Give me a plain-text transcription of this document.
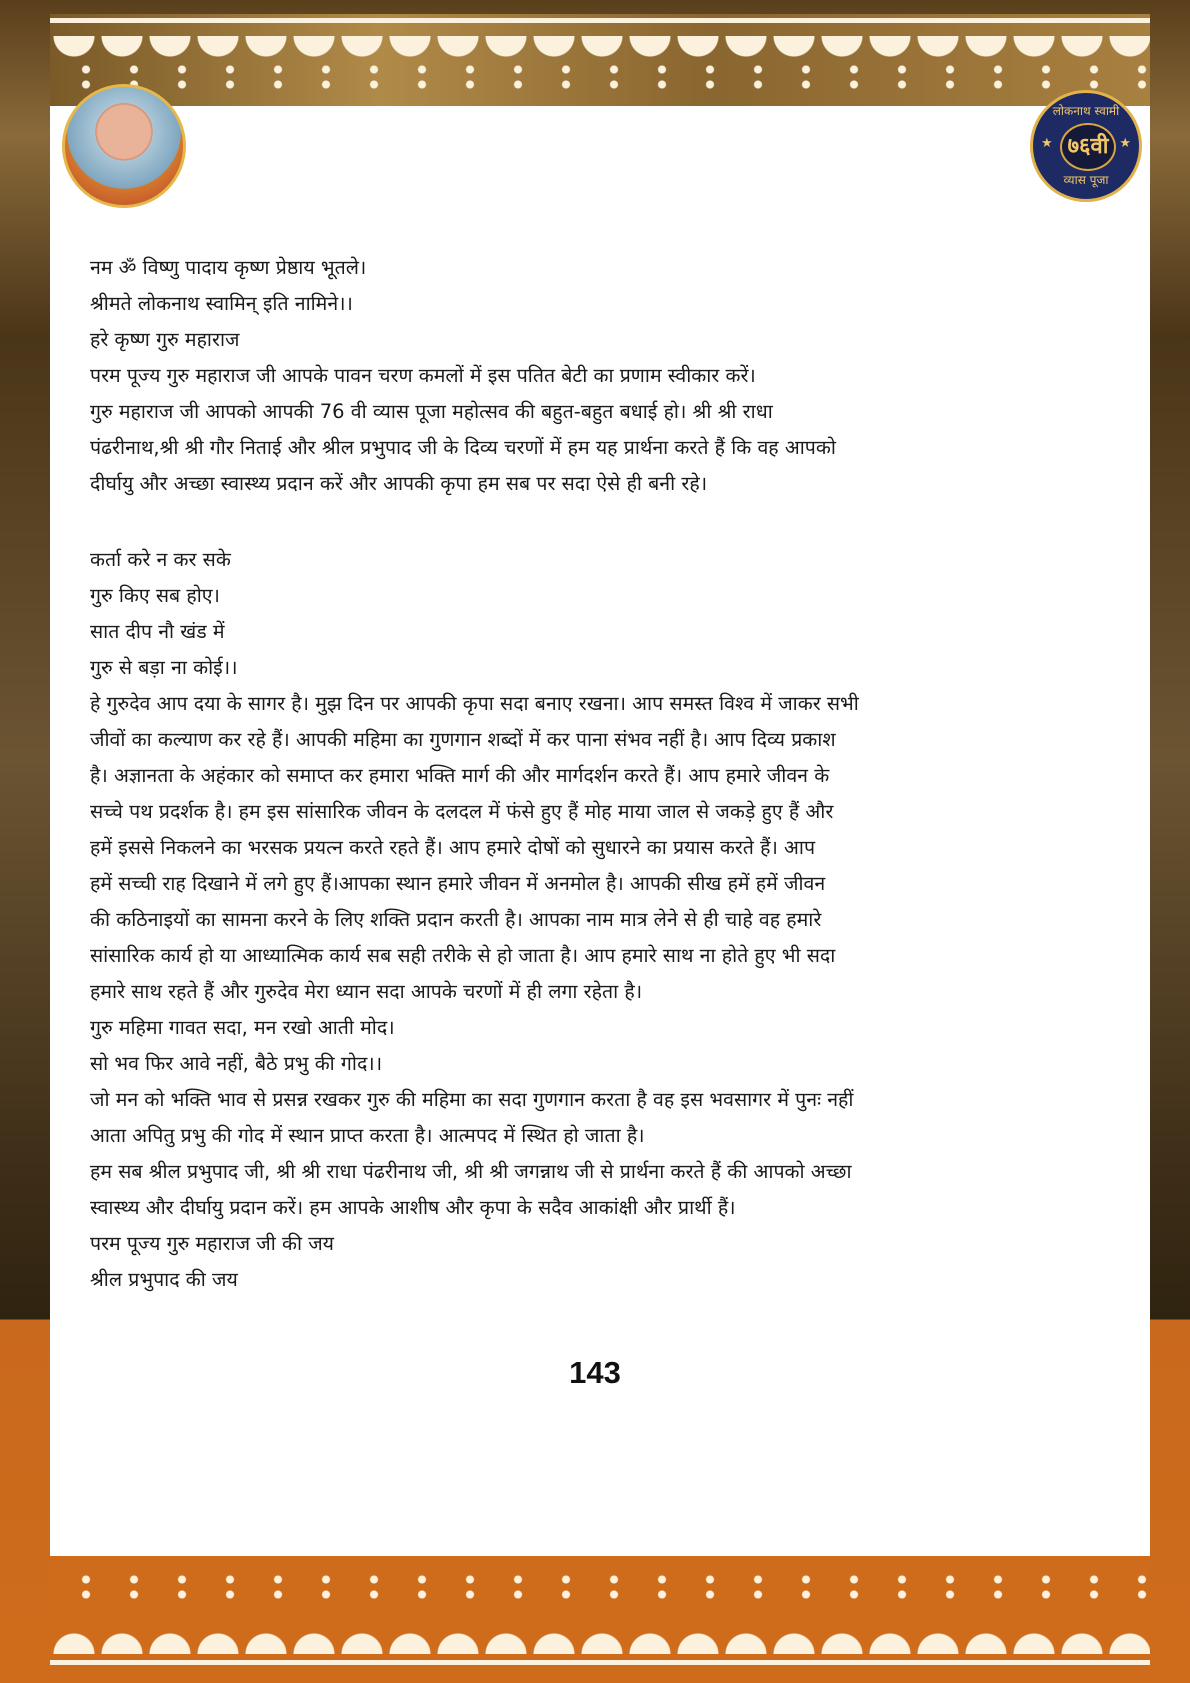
लोकनाथ स्वामी
★ ७६वी ★
व्यास पूजा
नम ॐ विष्णु पादाय कृष्ण प्रेष्ठाय भूतले।
श्रीमते लोकनाथ स्वामिन् इति नामिने।।
हरे कृष्ण गुरु महाराज
परम पूज्य गुरु महाराज जी आपके पावन चरण कमलों में इस पतित बेटी का प्रणाम स्वीकार करें।
गुरु महाराज जी आपको आपकी 76 वी व्यास पूजा महोत्सव की बहुत-बहुत बधाई हो। श्री श्री राधा
पंढरीनाथ,श्री श्री गौर निताई और श्रील प्रभुपाद जी के दिव्य चरणों में हम यह प्रार्थना करते हैं कि वह आपको
दीर्घायु और अच्छा स्वास्थ्य प्रदान करें और आपकी कृपा हम सब पर सदा ऐसे ही बनी रहे।
कर्ता करे न कर सके
गुरु किए सब होए।
सात दीप नौ खंड में
गुरु से बड़ा ना कोई।।
हे गुरुदेव आप दया के सागर है। मुझ दिन पर आपकी कृपा सदा बनाए रखना। आप समस्त विश्व में जाकर सभी
जीवों का कल्याण कर रहे हैं। आपकी महिमा का गुणगान शब्दों में कर पाना संभव नहीं है। आप दिव्य प्रकाश
है। अज्ञानता के अहंकार को समाप्त कर हमारा भक्ति मार्ग की और मार्गदर्शन करते हैं। आप हमारे जीवन के
सच्चे पथ प्रदर्शक है। हम इस सांसारिक जीवन के दलदल में फंसे हुए हैं मोह माया जाल से जकड़े हुए हैं और
हमें इससे निकलने का भरसक प्रयत्न करते रहते हैं। आप हमारे दोषों को सुधारने का प्रयास करते हैं। आप
हमें सच्ची राह दिखाने में लगे हुए हैं।आपका स्थान हमारे जीवन में अनमोल है। आपकी सीख हमें हमें जीवन
की कठिनाइयों का सामना करने के लिए शक्ति प्रदान करती है। आपका नाम मात्र लेने से ही चाहे वह हमारे
सांसारिक कार्य हो या आध्यात्मिक कार्य सब सही तरीके से हो जाता है। आप हमारे साथ ना होते हुए भी सदा
हमारे साथ रहते हैं और गुरुदेव मेरा ध्यान सदा आपके चरणों में ही लगा रहेता है।
गुरु महिमा गावत सदा, मन रखो आती मोद।
सो भव फिर आवे नहीं, बैठे प्रभु की गोद।।
जो मन को भक्ति भाव से प्रसन्न रखकर गुरु की महिमा का सदा गुणगान करता है वह इस भवसागर में पुनः नहीं
आता अपितु प्रभु की गोद में स्थान प्राप्त करता है। आत्मपद में स्थित हो जाता है।
हम सब श्रील प्रभुपाद जी, श्री श्री राधा पंढरीनाथ जी, श्री श्री जगन्नाथ जी से प्रार्थना करते हैं की आपको अच्छा
स्वास्थ्य और दीर्घायु प्रदान करें। हम आपके आशीष और कृपा के सदैव आकांक्षी और प्रार्थी हैं।
परम पूज्य गुरु महाराज जी की जय
श्रील प्रभुपाद की जय
143
